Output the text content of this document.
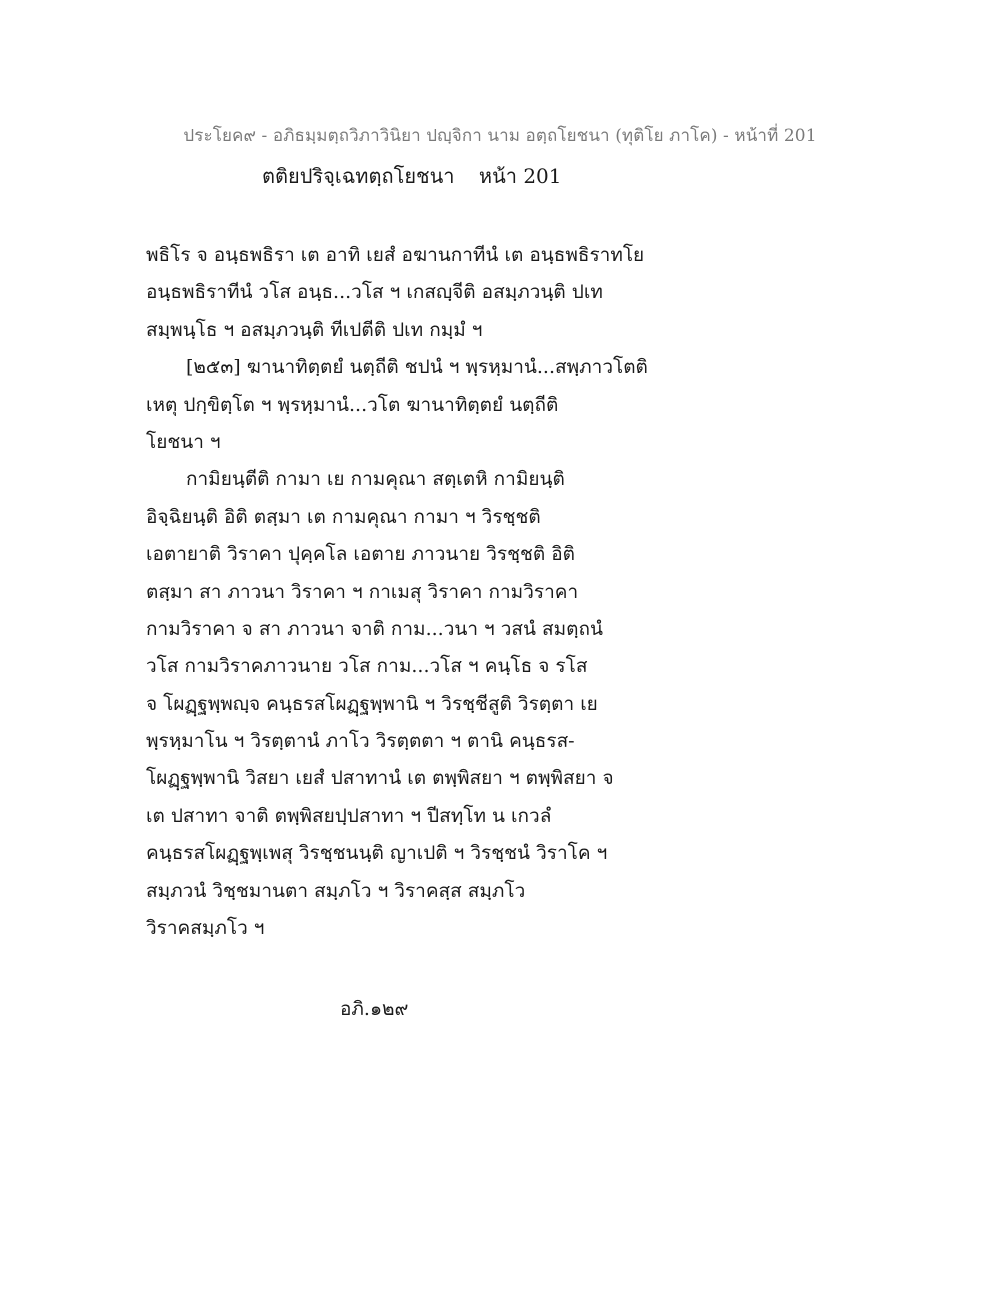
ประโยค๙ - อภิธมฺมตฺถวิภาวินิยา ปญฺจิกา นาม อตฺถโยชนา (ทุติโย ภาโค) - หน้าที่ 201
ตติยปริจฺเฉทตฺถโยชนา หน้า 201
พธิโร จ อนฺธพธิรา เต อาทิ เยสํ อฆานกาทีนํ เต อนฺธพธิราทโย
อนฺธพธิราทีนํ วโส อนฺธ...วโส ฯ เกสญฺจีติ อสมฺภวนฺติ ปเท
สมฺพนฺโธ ฯ อสมฺภวนฺติ ทีเปตีติ ปเท กมฺมํ ฯ
[๒๕๓] ฆานาทิตฺตยํ นตฺถีติ ชปนํ ฯ พฺรหฺมานํ...สพฺภาวโตติ
เหตุ ปกฺขิตฺโต ฯ พฺรหฺมานํ...วโต ฆานาทิตฺตยํ นตฺถีติ
โยชนา ฯ
กามิยนฺตีติ กามา เย กามคุณา สตฺเตหิ กามิยนฺติ
อิจฺฉิยนฺติ อิติ ตสฺมา เต กามคุณา กามา ฯ วิรชฺชติ
เอตายาติ วิราคา ปุคฺคโล เอตาย ภาวนาย วิรชฺชติ อิติ
ตสฺมา สา ภาวนา วิราคา ฯ กาเมสุ วิราคา กามวิราคา
กามวิราคา จ สา ภาวนา จาติ กาม...วนา ฯ วสนํ สมตฺถนํ
วโส กามวิราคภาวนาย วโส กาม...วโส ฯ คนฺโธ จ รโส
จ โผฏฺฐพฺพญฺจ คนฺธรสโผฏฺฐพฺพานิ ฯ วิรชฺชีสูติ วิรตฺตา เย
พฺรหฺมาโน ฯ วิรตฺตานํ ภาโว วิรตฺตตา ฯ ตานิ คนฺธรส-
โผฏฺฐพฺพานิ วิสยา เยสํ ปสาทานํ เต ตพฺพิสยา ฯ ตพฺพิสยา จ
เต ปสาทา จาติ ตพฺพิสยปฺปสาทา ฯ ปีสทฺโท น เกวลํ
คนฺธรสโผฏฺฐพฺเพสุ วิรชฺชนนฺติ ญาเปติ ฯ วิรชฺชนํ วิราโค ฯ
สมฺภวนํ วิชฺชมานตา สมฺภโว ฯ วิราคสฺส สมฺภโว
วิราคสมฺภโว ฯ
อภิ.๑๒๙
